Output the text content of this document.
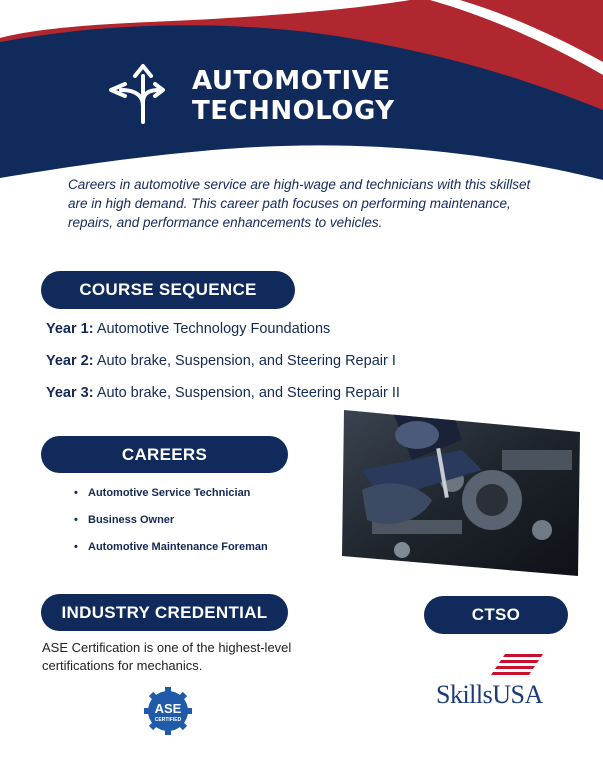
AUTOMOTIVE
TECHNOLOGY
Careers in automotive service are high-wage and technicians with this skillset are in high demand. This career path focuses on performing maintenance, repairs, and performance enhancements to vehicles.
COURSE SEQUENCE
Year 1: Automotive Technology Foundations
Year 2: Auto brake, Suspension, and Steering Repair I
Year 3: Auto brake, Suspension, and Steering Repair II
CAREERS
• Automotive Service Technician
• Business Owner
• Automotive Maintenance Foreman
INDUSTRY CREDENTIAL	CTSO
ASE Certification is one of the highest-level certifications for mechanics.
ASE
CERTIFIED
SkillsUSA
